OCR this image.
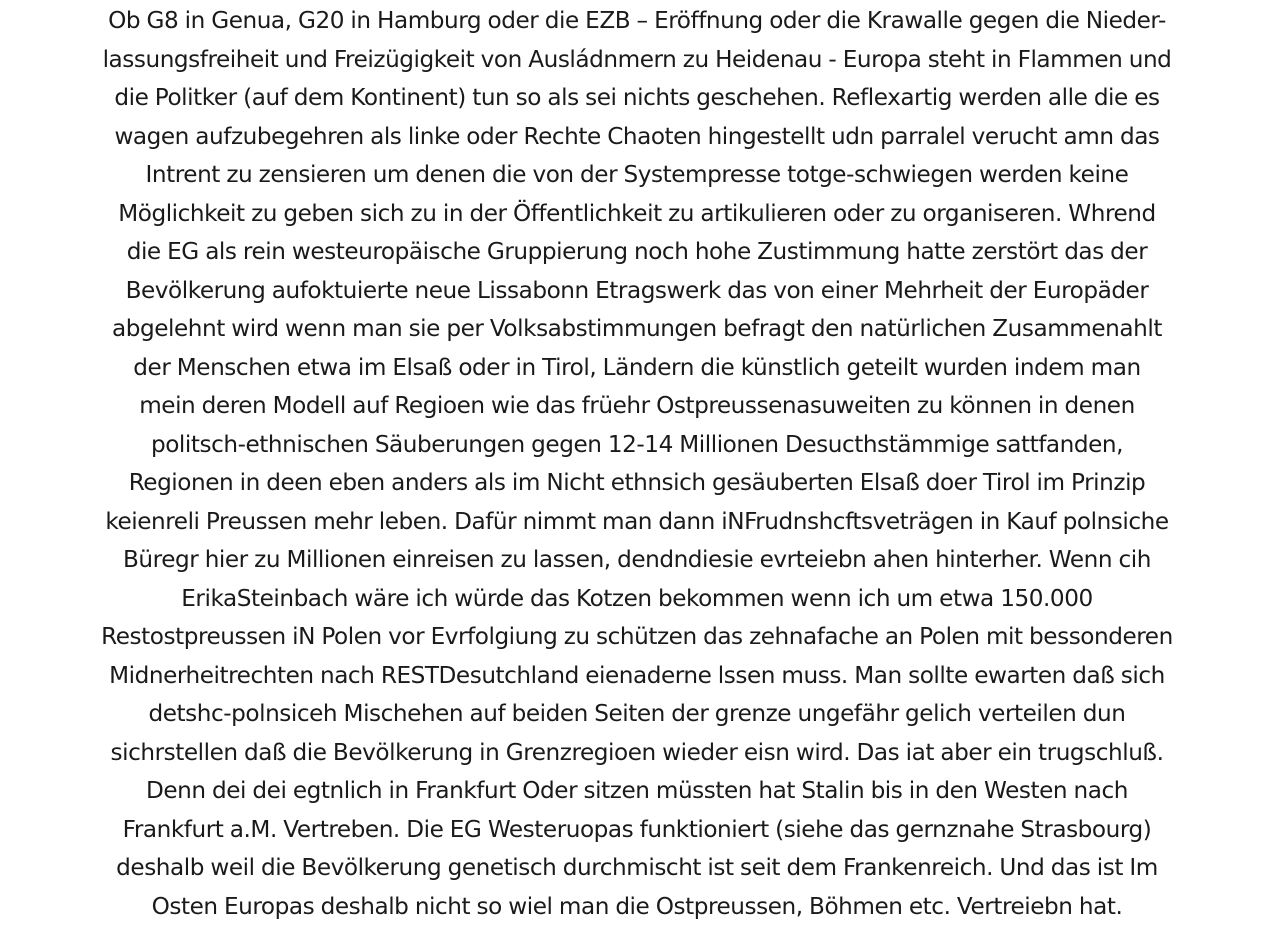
Ob G8 in Genua, G20 in Hamburg oder die EZB – Eröffnung oder die Krawalle gegen die Nieder-
lassungsfreiheit und Freizügigkeit von Ausládnmern zu Heidenau - Europa steht in Flammen und
die Politker (auf dem Kontinent) tun so als sei nichts geschehen. Reflexartig werden alle die es
wagen aufzubegehren als linke oder Rechte Chaoten hingestellt udn parralel verucht amn das
Intrent zu zensieren um denen die von der Systempresse totge-schwiegen werden keine
Möglichkeit zu geben sich zu in der Öffentlichkeit zu artikulieren oder zu organiseren. Whrend
die EG als rein westeuropäische Gruppierung noch hohe Zustimmung hatte zerstört das der
Bevölkerung aufoktuierte neue Lissabonn Etragswerk das von einer Mehrheit der Europäder
abgelehnt wird wenn man sie per Volksabstimmungen befragt den natürlichen Zusammenahlt
der Menschen etwa im Elsaß oder in Tirol, Ländern die künstlich geteilt wurden indem man
mein deren Modell auf Regioen wie das früehr Ostpreussenasuweiten zu können in denen
politsch-ethnischen Säuberungen gegen 12-14 Millionen Desucthstämmige sattfanden,
Regionen in deen eben anders als im Nicht ethnsich gesäuberten Elsaß doer Tirol im Prinzip
keienreli Preussen mehr leben. Dafür nimmt man dann iNFrudnshcftsveträgen in Kauf polnsiche
Büregr hier zu Millionen einreisen zu lassen, dendndiesie evrteiebn ahen hinterher. Wenn cih
ErikaSteinbach wäre ich würde das Kotzen bekommen wenn ich um etwa 150.000
Restostpreussen iN Polen vor Evrfolgiung zu schützen das zehnafache an Polen mit bessonderen
Midnerheitrechten nach RESTDesutchland eienaderne lssen muss. Man sollte ewarten daß sich
detshc-polnsiceh Mischehen auf beiden Seiten der grenze ungefähr gelich verteilen dun
sichrstellen daß die Bevölkerung in Grenzregioen wieder eisn wird. Das iat aber ein trugschluß.
Denn dei dei egtnlich in Frankfurt Oder sitzen müssten hat Stalin bis in den Westen nach
Frankfurt a.M. Vertreben. Die EG Westeruopas funktioniert (siehe das gernznahe Strasbourg)
deshalb weil die Bevölkerung genetisch durchmischt ist seit dem Frankenreich. Und das ist Im
Osten Europas deshalb nicht so wiel man die Ostpreussen, Böhmen etc. Vertreiebn hat.
